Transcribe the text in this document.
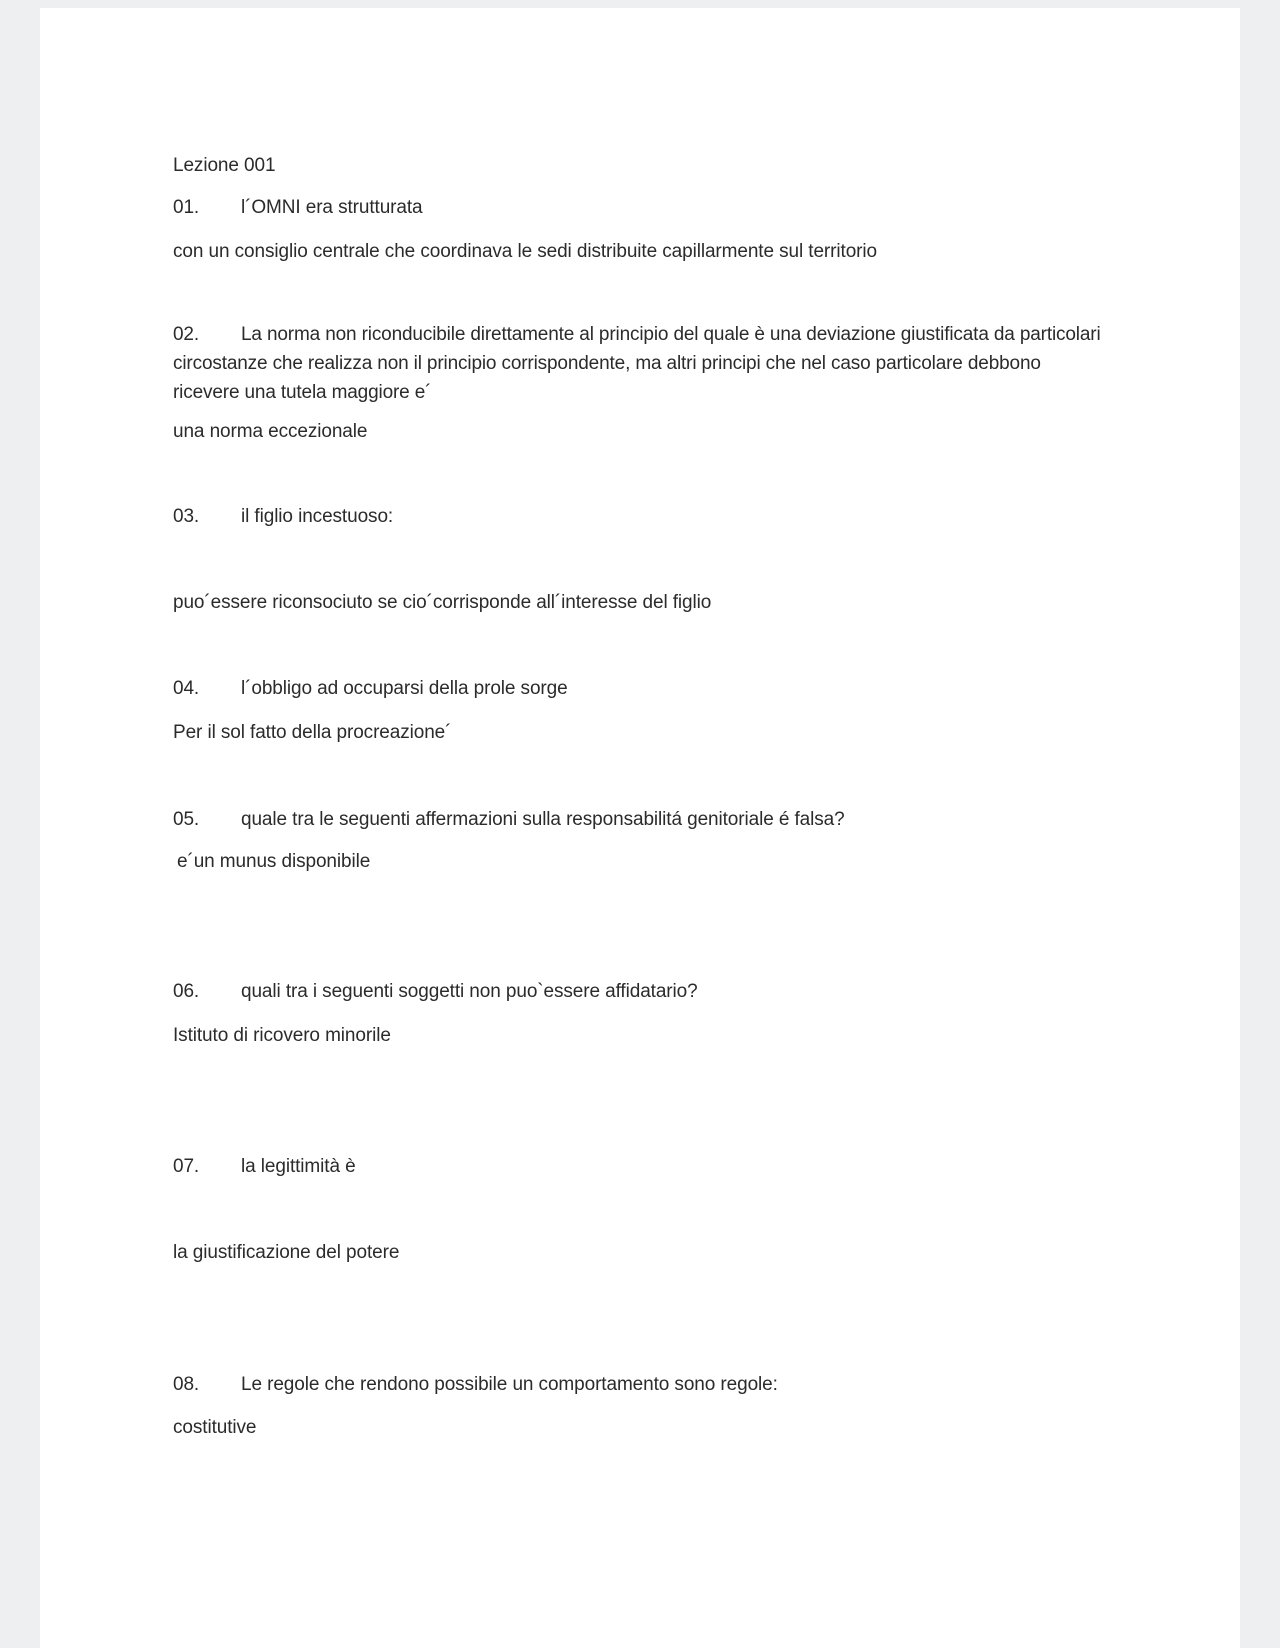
Lezione 001
01. l´OMNI era strutturata
con un consiglio centrale che coordinava le sedi distribuite capillarmente sul territorio
02. La norma non riconducibile direttamente al principio del quale è una deviazione giustificata da particolari circostanze che realizza non il principio corrispondente, ma altri principi che nel caso particolare debbono ricevere una tutela maggiore e´
una norma eccezionale
03. il figlio incestuoso:
puo´essere riconsociuto se cio´corrisponde all´interesse del figlio
04. l´obbligo ad occuparsi della prole sorge
Per il sol fatto della procreazione´
05. quale tra le seguenti affermazioni sulla responsabilitá genitoriale é falsa?
e´un munus disponibile
06. quali tra i seguenti soggetti non puo`essere affidatario?
Istituto di ricovero minorile
07. la legittimità è
la giustificazione del potere
08. Le regole che rendono possibile un comportamento sono regole:
costitutive
